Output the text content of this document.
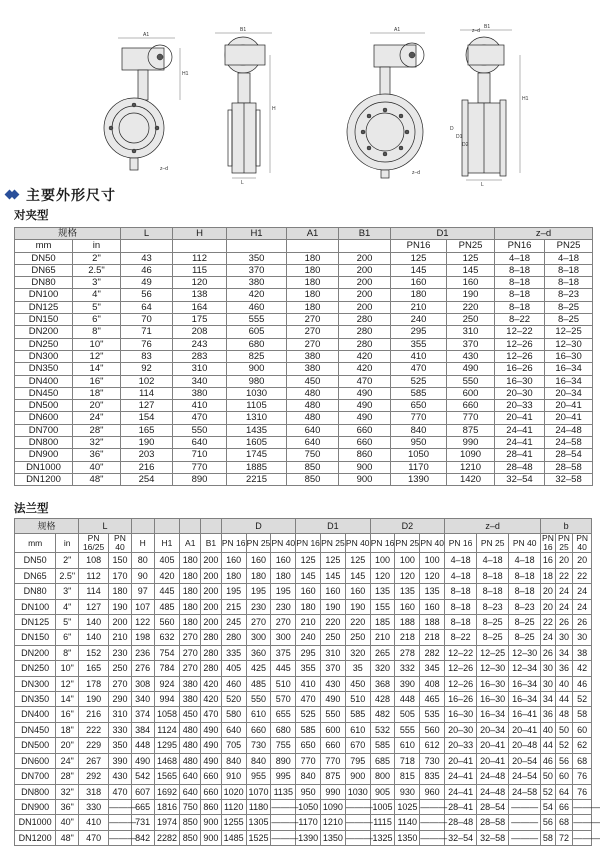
A1
H1
z–d
B1
L
H
A1
z–d
B1
L
H1
D
D1
D2
z–d
主要外形尺寸
对夹型
规格		L	H	H1	A1	B1	D1		z–d	
mm	in						PN16	PN25	PN16	PN25
DN50	2"	43	112	350	180	200	125	125	4–18	4–18
DN65	2.5"	46	115	370	180	200	145	145	8–18	8–18
DN80	3"	49	120	380	180	200	160	160	8–18	8–18
DN100	4"	56	138	420	180	200	180	190	8–18	8–23
DN125	5"	64	164	460	180	200	210	220	8–18	8–25
DN150	6"	70	175	555	270	280	240	250	8–22	8–25
DN200	8"	71	208	605	270	280	295	310	12–22	12–25
DN250	10"	76	243	680	270	280	355	370	12–26	12–30
DN300	12"	83	283	825	380	420	410	430	12–26	16–30
DN350	14"	92	310	900	380	420	470	490	16–26	16–34
DN400	16"	102	340	980	450	470	525	550	16–30	16–34
DN450	18"	114	380	1030	480	490	585	600	20–30	20–34
DN500	20"	127	410	1105	480	490	650	660	20–33	20–41
DN600	24"	154	470	1310	480	490	770	770	20–41	20–41
DN700	28"	165	550	1435	640	660	840	875	24–41	24–48
DN800	32"	190	640	1605	640	660	950	990	24–41	24–58
DN900	36"	203	710	1745	750	860	1050	1090	28–41	28–54
DN1000	40"	216	770	1885	850	900	1170	1210	28–48	28–58
DN1200	48"	254	890	2215	850	900	1390	1420	32–54	32–58
法兰型
规格		L						D			D1			D2			z–d			b		
mm	in	PN 16/25	PN 40	H	H1	A1	B1	PN 16	PN 25	PN 40	PN 16	PN 25	PN 40	PN 16	PN 25	PN 40	PN 16	PN 25	PN 40	PN 16	PN 25	PN 40
DN50	2"	108	150	80	405	180	200	160	160	160	125	125	125	100	100	100	4–18	4–18	4–18	16	20	20
DN65	2.5"	112	170	90	420	180	200	180	180	180	145	145	145	120	120	120	4–18	8–18	8–18	18	22	22
DN80	3"	114	180	97	445	180	200	195	195	195	160	160	160	135	135	135	8–18	8–18	8–18	20	24	24
DN100	4"	127	190	107	485	180	200	215	230	230	180	190	190	155	160	160	8–18	8–23	8–23	20	24	24
DN125	5"	140	200	122	560	180	200	245	270	270	210	220	220	185	188	188	8–18	8–25	8–25	22	26	26
DN150	6"	140	210	198	632	270	280	280	300	300	240	250	250	210	218	218	8–22	8–25	8–25	24	30	30
DN200	8"	152	230	236	754	270	280	335	360	375	295	310	320	265	278	282	12–22	12–25	12–30	26	34	38
DN250	10"	165	250	276	784	270	280	405	425	445	355	370	35	320	332	345	12–26	12–30	12–34	30	36	42
DN300	12"	178	270	308	924	380	420	460	485	510	410	430	450	368	390	408	12–26	16–30	16–34	30	40	46
DN350	14"	190	290	340	994	380	420	520	550	570	470	490	510	428	448	465	16–26	16–30	16–34	34	44	52
DN400	16"	216	310	374	1058	450	470	580	610	655	525	550	585	482	505	535	16–30	16–34	16–41	36	48	58
DN450	18"	222	330	384	1124	480	490	640	660	680	585	600	610	532	555	560	20–30	20–34	20–41	40	50	60
DN500	20"	229	350	448	1295	480	490	705	730	755	650	660	670	585	610	612	20–33	20–41	20–48	44	52	62
DN600	24"	267	390	490	1468	480	490	840	840	890	770	770	795	685	718	730	20–41	20–41	20–54	46	56	68
DN700	28"	292	430	542	1565	640	660	910	955	995	840	875	900	800	815	835	24–41	24–48	24–54	50	60	76
DN800	32"	318	470	607	1692	640	660	1020	1070	1135	950	990	1030	905	930	960	24–41	24–48	24–58	52	64	76
DN900	36"	330	———	665	1816	750	860	1120	1180	———	1050	1090	———	1005	1025	———	28–41	28–54	———	54	66	———
DN1000	40"	410	———	731	1974	850	900	1255	1305	———	1170	1210	———	1115	1140	———	28–48	28–58	———	56	68	———
DN1200	48"	470	———	842	2282	850	900	1485	1525	———	1390	1350	———	1325	1350	———	32–54	32–58	———	58	72	———
